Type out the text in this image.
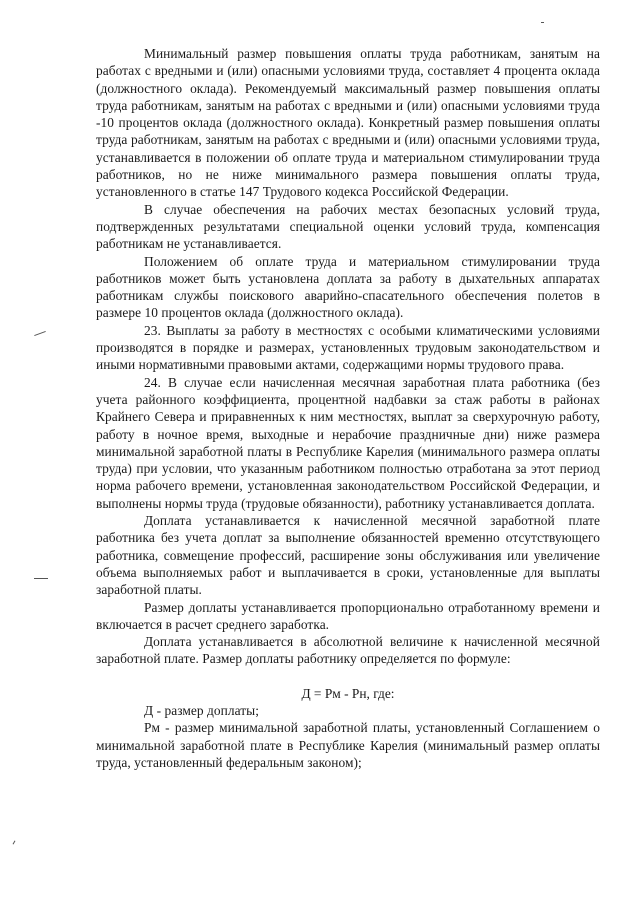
Минимальный размер повышения оплаты труда работникам, занятым на работах с вредными и (или) опасными условиями труда, составляет 4 процента оклада (должностного оклада). Рекомендуемый максимальный размер повышения оплаты труда работникам, занятым на работах с вредными и (или) опасными условиями труда -10 процентов оклада (должностного оклада). Конкретный размер повышения оплаты труда работникам, занятым на работах с вредными и (или) опасными условиями труда, устанавливается в положении об оплате труда и материальном стимулировании труда работников, но не ниже минимального размера повышения оплаты труда, установленного в статье 147 Трудового кодекса Российской Федерации.

В случае обеспечения на рабочих местах безопасных условий труда, подтвержденных результатами специальной оценки условий труда, компенсация работникам не устанавливается.

Положением об оплате труда и материальном стимулировании труда работников может быть установлена доплата за работу в дыхательных аппаратах работникам службы поискового аварийно-спасательного обеспечения полетов в размере 10 процентов оклада (должностного оклада).

23. Выплаты за работу в местностях с особыми климатическими условиями производятся в порядке и размерах, установленных трудовым законодательством и иными нормативными правовыми актами, содержащими нормы трудового права.

24. В случае если начисленная месячная заработная плата работника (без учета районного коэффициента, процентной надбавки за стаж работы в районах Крайнего Севера и приравненных к ним местностях, выплат за сверхурочную работу, работу в ночное время, выходные и нерабочие праздничные дни) ниже размера минимальной заработной платы в Республике Карелия (минимального размера оплаты труда) при условии, что указанным работником полностью отработана за этот период норма рабочего времени, установленная законодательством Российской Федерации, и выполнены нормы труда (трудовые обязанности), работнику устанавливается доплата.

Доплата устанавливается к начисленной месячной заработной плате работника без учета доплат за выполнение обязанностей временно отсутствующего работника, совмещение профессий, расширение зоны обслуживания или увеличение объема выполняемых работ и выплачивается в сроки, установленные для выплаты заработной платы.

Размер доплаты устанавливается пропорционально отработанному времени и включается в расчет среднего заработка.

Доплата устанавливается в абсолютной величине к начисленной месячной заработной плате. Размер доплаты работнику определяется по формуле:

Д = Рм - Рн, где:

Д - размер доплаты;

Рм - размер минимальной заработной платы, установленный Соглашением о минимальной заработной плате в Республике Карелия (минимальный размер оплаты труда, установленный федеральным законом);
